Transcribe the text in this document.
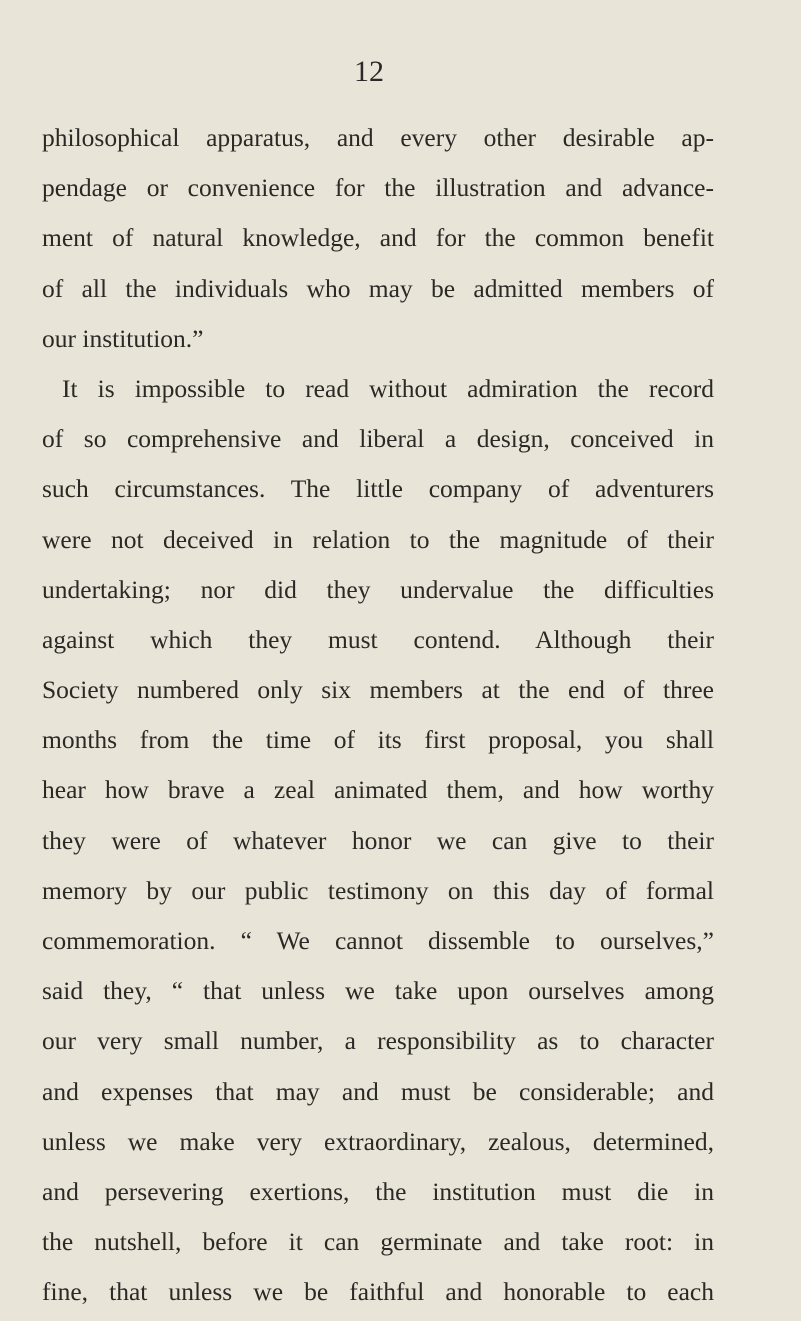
12
philosophical apparatus, and every other desirable ap-
pendage or convenience for the illustration and advance-
ment of natural knowledge, and for the common benefit
of all the individuals who may be admitted members of
our institution.”
It is impossible to read without admiration the record
of so comprehensive and liberal a design, conceived in
such circumstances. The little company of adventurers
were not deceived in relation to the magnitude of their
undertaking; nor did they undervalue the difficulties
against which they must contend. Although their
Society numbered only six members at the end of three
months from the time of its first proposal, you shall
hear how brave a zeal animated them, and how worthy
they were of whatever honor we can give to their
memory by our public testimony on this day of formal
commemoration. “ We cannot dissemble to ourselves,”
said they, “ that unless we take upon ourselves among
our very small number, a responsibility as to character
and expenses that may and must be considerable; and
unless we make very extraordinary, zealous, determined,
and persevering exertions, the institution must die in
the nutshell, before it can germinate and take root: in
fine, that unless we be faithful and honorable to each
